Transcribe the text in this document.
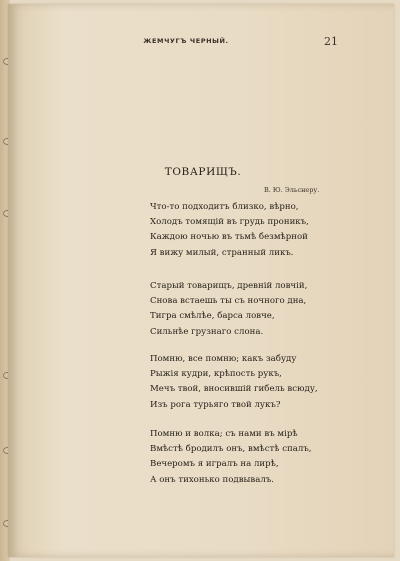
ЖЕМЧУГЪ ЧЕРНЫЙ.	21
ТОВАРИЩЪ.
В. Ю. Эльснеру.
Что-то подходитъ близко, вѣрно,
Холодъ томящій въ грудь проникъ,
Каждою ночью въ тьмѣ безмѣрной
Я вижу милый, странный ликъ.
Старый товарищъ, древній ловчій,
Снова встаешь ты съ ночного дна,
Тигра смѣлѣе, барса ловче,
Сильнѣе грузнаго слона.
Помню, все помню; какъ забуду
Рыжія кудри, крѣпость рукъ,
Мечъ твой, вносившій гибель всюду,
Изъ рога турьяго твой лукъ?
Помню и волка; съ нами въ мірѣ
Вмѣстѣ бродилъ онъ, вмѣстѣ спалъ,
Вечеромъ я игралъ на лирѣ,
А онъ тихонько подвывалъ.
